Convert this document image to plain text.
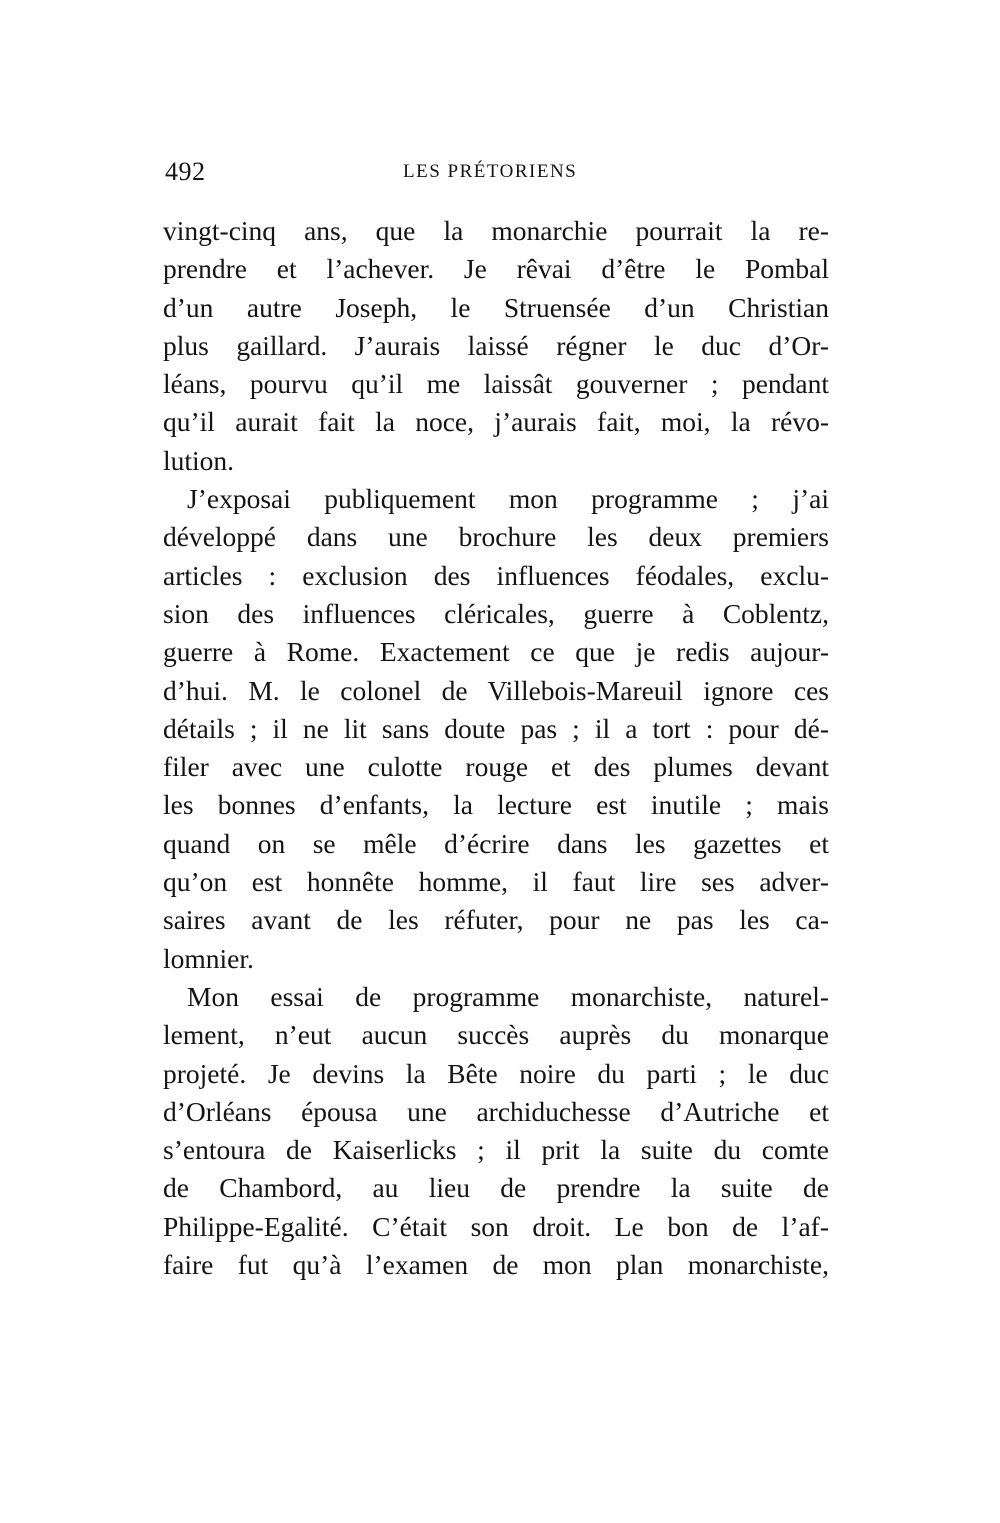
492	LES PRÉTORIENS
vingt-cinq ans, que la monarchie pourrait la re-
prendre et l’achever. Je rêvai d’être le Pombal
d’un autre Joseph, le Struensée d’un Christian
plus gaillard. J’aurais laissé régner le duc d’Or-
léans, pourvu qu’il me laissât gouverner ; pendant
qu’il aurait fait la noce, j’aurais fait, moi, la révo-
lution.
J’exposai publiquement mon programme ; j’ai
développé dans une brochure les deux premiers
articles : exclusion des influences féodales, exclu-
sion des influences cléricales, guerre à Coblentz,
guerre à Rome. Exactement ce que je redis aujour-
d’hui. M. le colonel de Villebois-Mareuil ignore ces
détails ; il ne lit sans doute pas ; il a tort : pour dé-
filer avec une culotte rouge et des plumes devant
les bonnes d’enfants, la lecture est inutile ; mais
quand on se mêle d’écrire dans les gazettes et
qu’on est honnête homme, il faut lire ses adver-
saires avant de les réfuter, pour ne pas les ca-
lomnier.
Mon essai de programme monarchiste, naturel-
lement, n’eut aucun succès auprès du monarque
projeté. Je devins la Bête noire du parti ; le duc
d’Orléans épousa une archiduchesse d’Autriche et
s’entoura de Kaiserlicks ; il prit la suite du comte
de Chambord, au lieu de prendre la suite de
Philippe-Egalité. C’était son droit. Le bon de l’af-
faire fut qu’à l’examen de mon plan monarchiste,
